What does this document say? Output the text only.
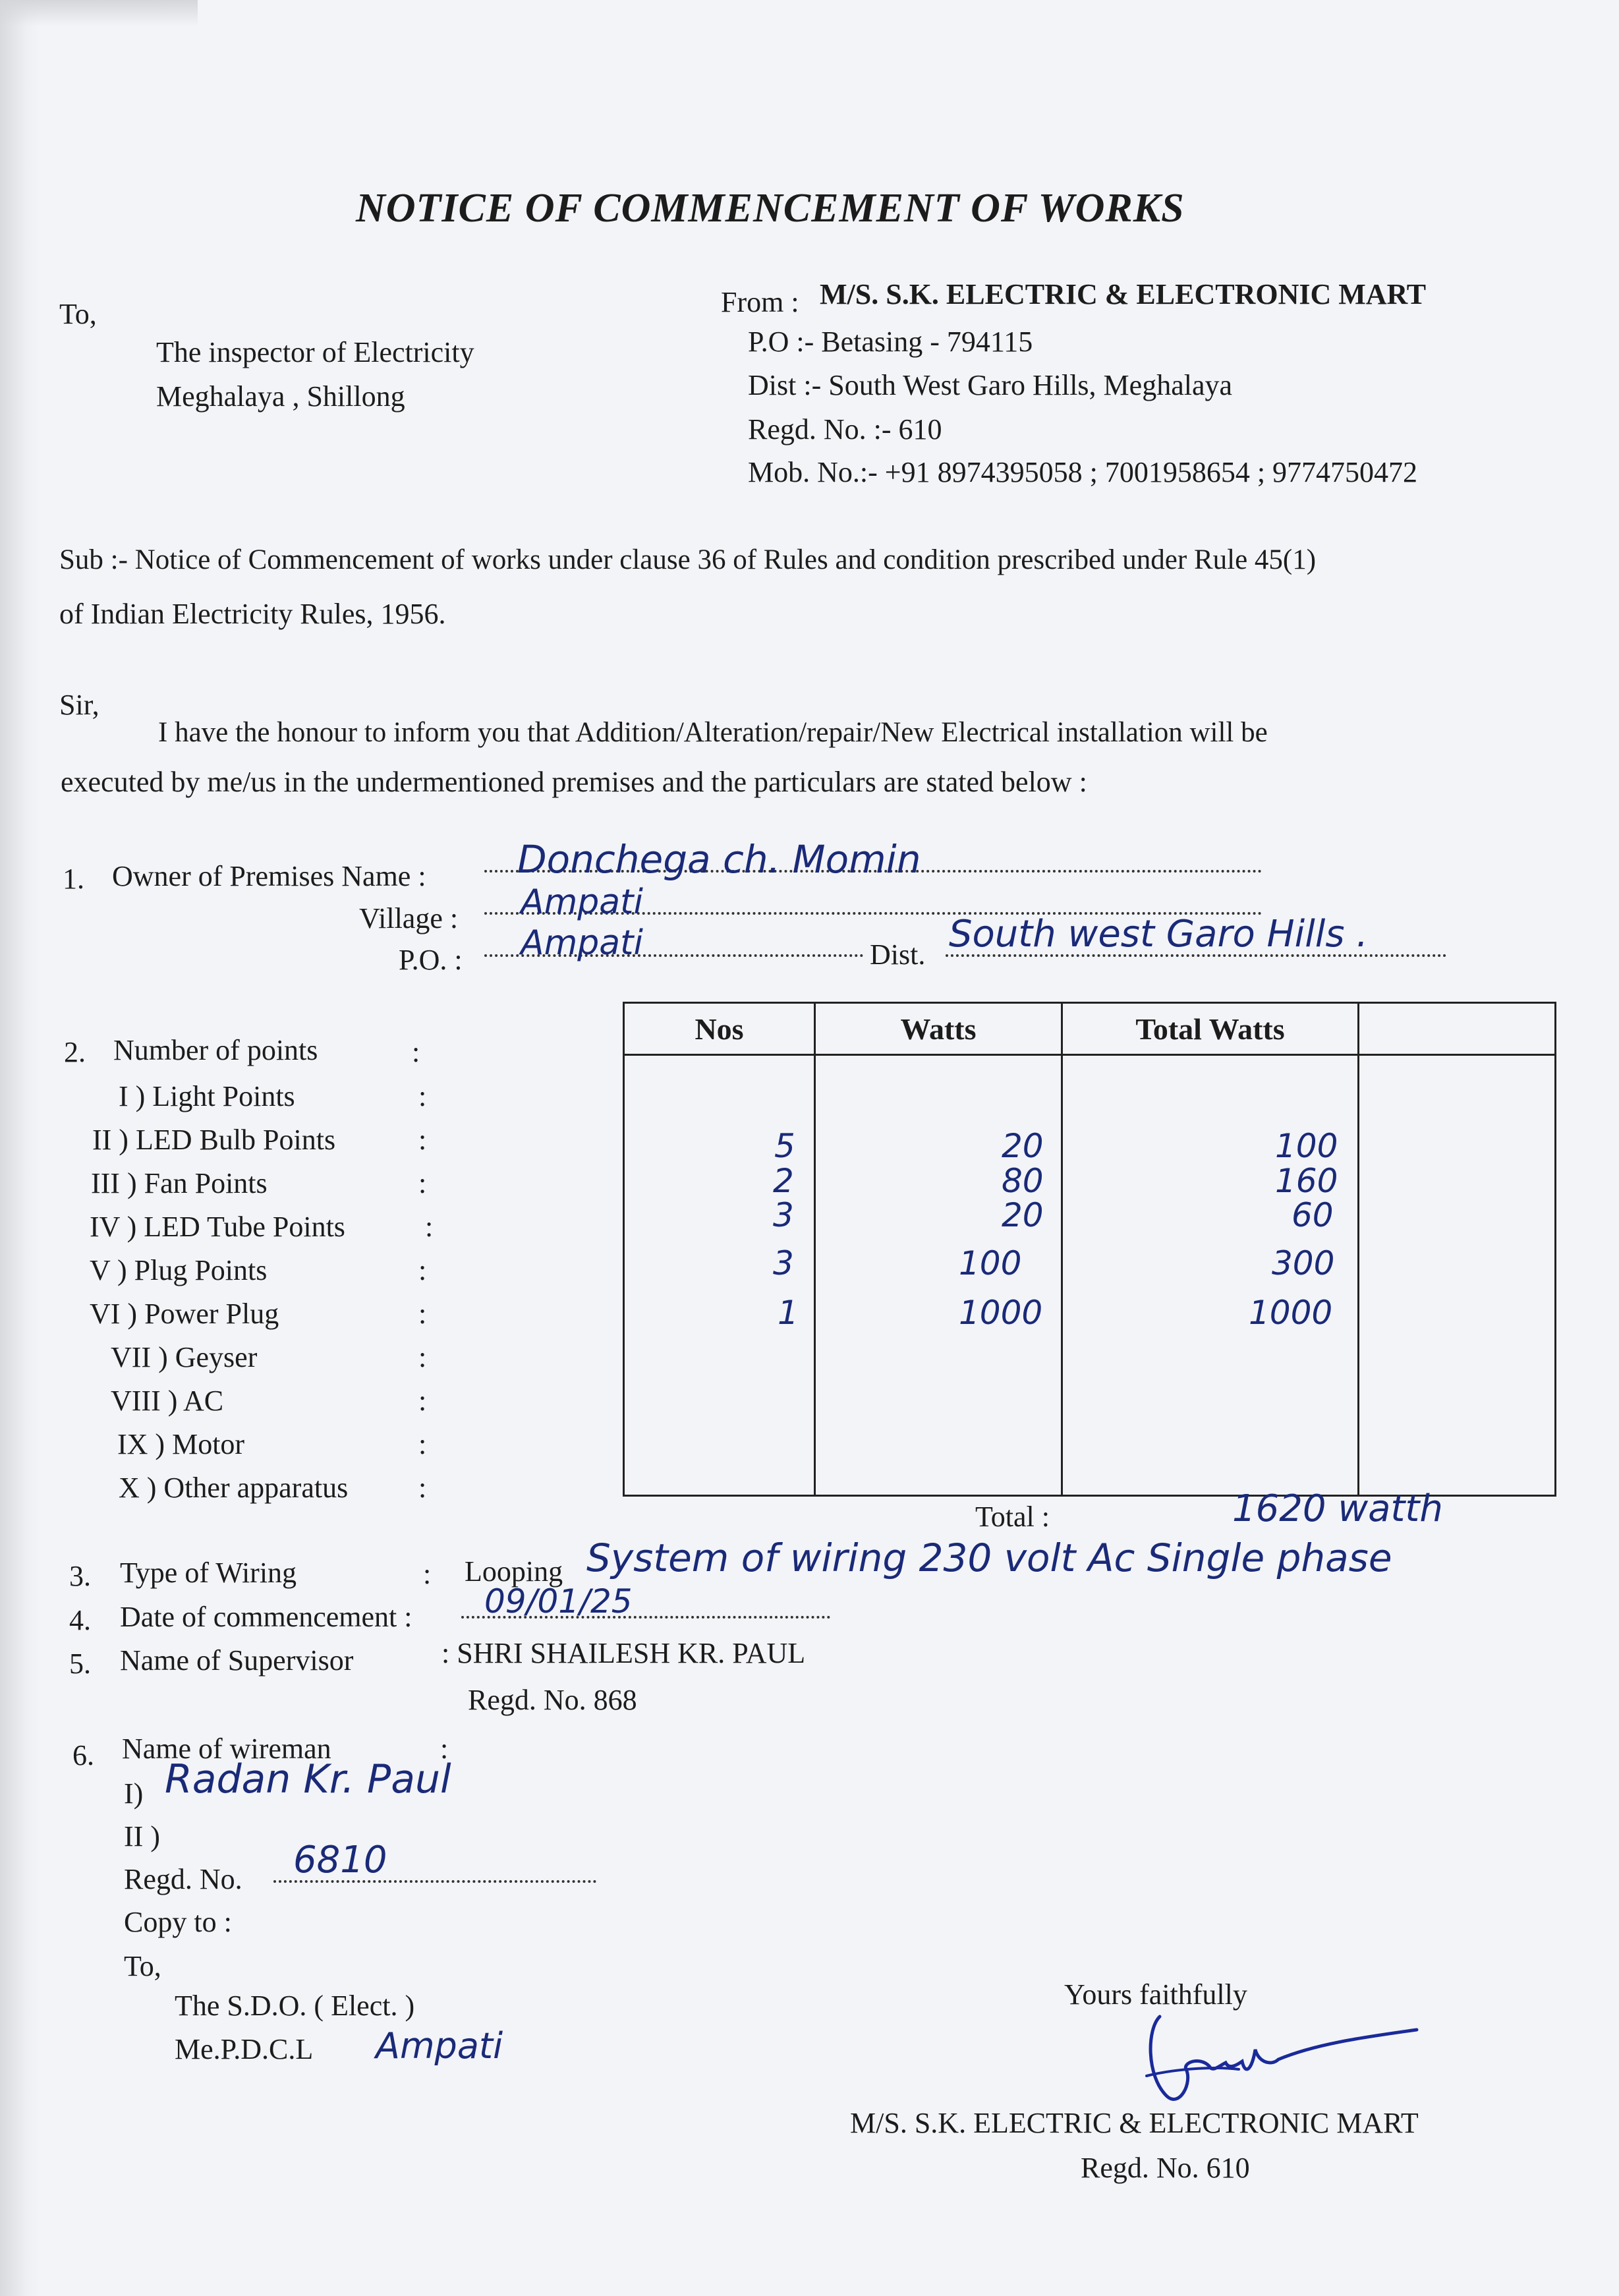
NOTICE OF COMMENCEMENT OF WORKS
To,
The inspector of Electricity
Meghalaya , Shillong
From : M/S. S.K. ELECTRIC & ELECTRONIC MART
P.O :- Betasing - 794115
Dist :- South West Garo Hills, Meghalaya
Regd. No. :- 610
Mob. No.:- +91 8974395058 ; 7001958654 ; 9774750472
Sub :- Notice of Commencement of works under clause 36 of Rules and condition prescribed under Rule 45(1)
of Indian Electricity Rules, 1956.
Sir,
I have the honour to inform you that Addition/Alteration/repair/New Electrical installation will be
executed by me/us in the undermentioned premises and the particulars are stated below :
1. Owner of Premises Name : Donchega ch. Momin
Village : Ampati
P.O. : Ampati	Dist. South west Garo Hills .
2. Number of points	:
I ) Light Points	:
II ) LED Bulb Points	:
III ) Fan Points	:
IV ) LED Tube Points	:
V ) Plug Points	:
VI ) Power Plug	:
VII ) Geyser	:
VIII ) AC	:
IX ) Motor	:
X ) Other apparatus :
Nos	Watts	Total Watts	

5	20	100
2	80	160
3	20	60
3	100	300
1	1000	1000
Total :	1620 watth
3. Type of Wiring	: Looping System of wiring 230 volt Ac Single phase
4. Date of commencement : 09/01/25
5. Name of Supervisor	: SHRI SHAILESH KR. PAUL
Regd. No. 868
6. Name of wireman	:
I) Radan Kr. Paul
II )
Regd. No. 6810
Copy to :
To,
The S.D.O. ( Elect. )
Me.P.D.C.L Ampati
Yours faithfully
M/S. S.K. ELECTRIC & ELECTRONIC MART
Regd. No. 610
